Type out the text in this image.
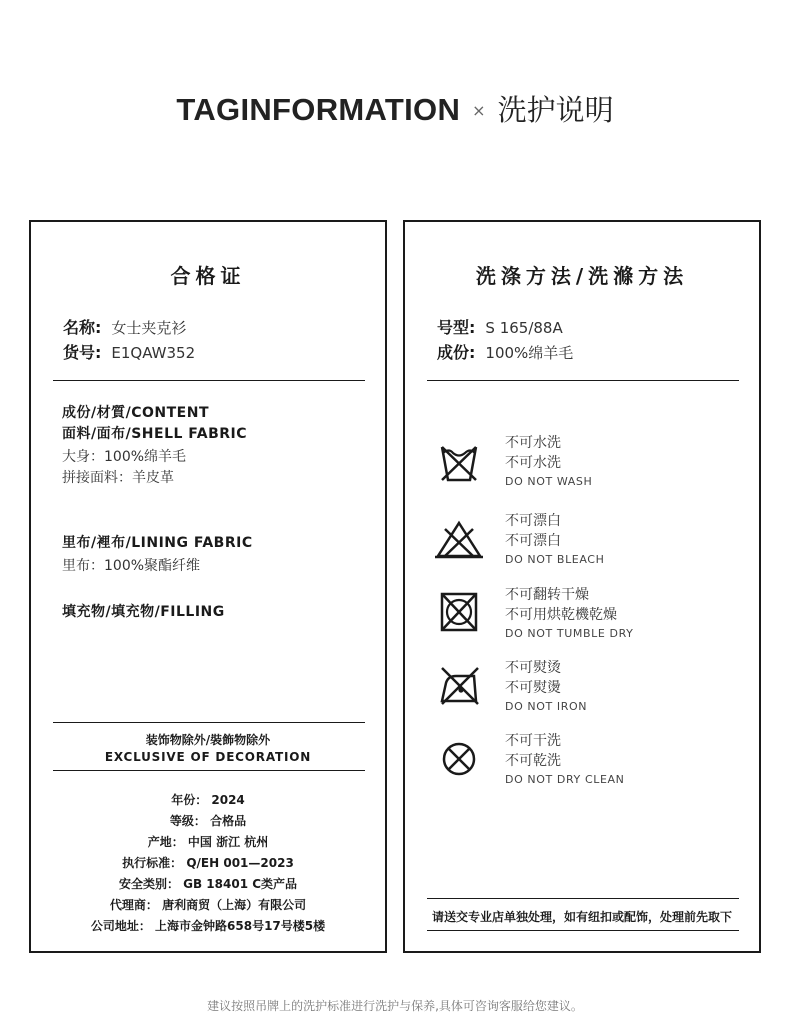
TAGINFORMATION × 洗护说明
合格证
名称: 女士夹克衫
货号: E1QAW352
成份/材質/CONTENT
面料/面布/SHELL FABRIC
大身：100%绵羊毛
拼接面料：羊皮革
里布/裡布/LINING FABRIC
里布：100%聚酯纤维
填充物/填充物/FILLING
装饰物除外/裝飾物除外
EXCLUSIVE OF DECORATION
年份： 2024
等级： 合格品
产地： 中国 浙江 杭州
执行标准： Q/EH 001—2023
安全类别： GB 18401 C类产品
代理商： 唐利商贸（上海）有限公司
公司地址： 上海市金钟路658号17号楼5楼
洗涤方法/洗滌方法
号型: S 165/88A
成份: 100%绵羊毛
不可水洗
不可水洗
DO NOT WASH
不可漂白
不可漂白
DO NOT BLEACH
不可翻转干燥
不可用烘乾機乾燥
DO NOT TUMBLE DRY
不可熨烫
不可熨燙
DO NOT IRON
不可干洗
不可乾洗
DO NOT DRY CLEAN
请送交专业店单独处理，如有纽扣或配饰，处理前先取下
建议按照吊牌上的洗护标准进行洗护与保养,具体可咨询客服给您建议。
